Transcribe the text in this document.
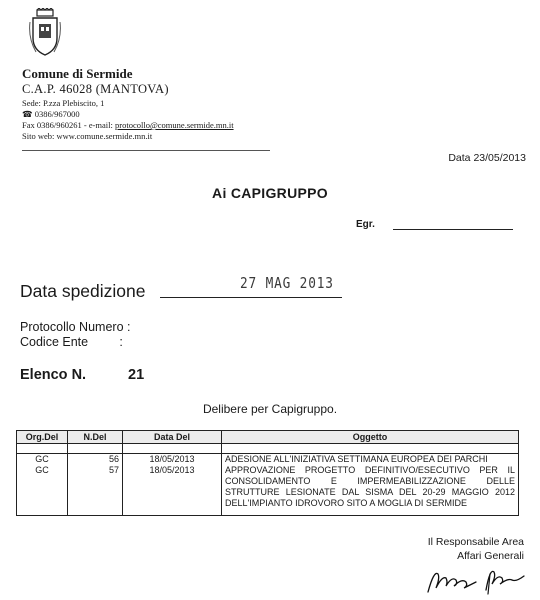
Comune di Sermide
C.A.P. 46028 (MANTOVA)
Sede: P.zza Plebiscito, 1
☎ 0386/967000
Fax 0386/960261 - e-mail: protocollo@comune.sermide.mn.it
Sito web: www.comune.sermide.mn.it
Data 23/05/2013
Ai CAPIGRUPPO
Egr.
Data spedizione	27 MAG 2013
Protocollo Numero :
Codice Ente         :
Elenco N.	21
Delibere per Capigruppo.
Org.Del	N.Del	Data Del	Oggetto

GC	56	18/05/2013	ADESIONE ALL'INIZIATIVA SETTIMANA EUROPEA DEI PARCHI
GC	57	18/05/2013	APPROVAZIONE PROGETTO DEFINITIVO/ESECUTIVO PER IL CONSOLIDAMENTO E IMPERMEABILIZZAZIONE DELLE STRUTTURE LESIONATE DAL SISMA DEL 20-29 MAGGIO 2012 DELL'IMPIANTO IDROVORO SITO A MOGLIA DI SERMIDE
Il Responsabile Area
Affari Generali
